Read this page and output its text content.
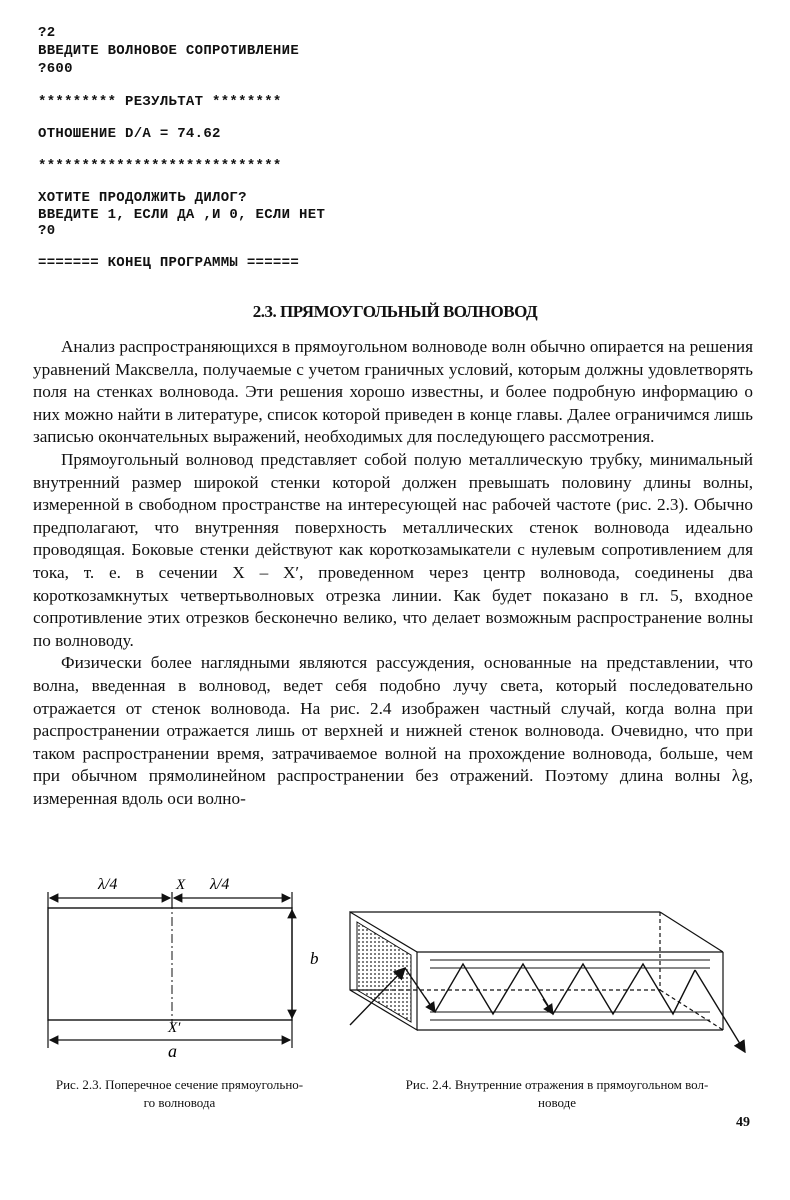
?2
ВВЕДИТЕ ВОЛНОВОЕ СОПРОТИВЛЕНИЕ
?600
********* РЕЗУЛЬТАТ ********
ОТНОШЕНИЕ D/A = 74.62
****************************
ХОТИТЕ ПРОДОЛЖИТЬ ДИЛОГ?
ВВЕДИТЕ 1, ЕСЛИ ДА ,И 0, ЕСЛИ НЕТ
?0
======= КОНЕЦ ПРОГРАММЫ ======
2.3. ПРЯМОУГОЛЬНЫЙ ВОЛНОВОД

Анализ распространяющихся в прямоугольном волноводе волн обычно опирается на решения уравнений Максвелла, получаемые с учетом граничных условий, которым должны удовлетворять поля на стенках волновода. Эти решения хорошо известны, и более подробную информацию о них можно найти в литературе, список которой приведен в конце главы. Далее ограничимся лишь записью окончательных выражений, необходимых для последующего рассмотрения.

Прямоугольный волновод представляет собой полую металлическую трубку, минимальный внутренний размер широкой стенки которой должен превышать половину длины волны, измеренной в свободном пространстве на интересующей нас рабочей частоте (рис. 2.3). Обычно предполагают, что внутренняя поверхность металлических стенок волновода идеально проводящая. Боковые стенки действуют как короткозамыкатели с нулевым сопротивлением для тока, т. е. в сечении X – X′, проведенном через центр волновода, соединены два короткозамкнутых четвертьволновых отрезка линии. Как будет показано в гл. 5, входное сопротивление этих отрезков бесконечно велико, что делает возможным распространение волны по волноводу.

Физически более наглядными являются рассуждения, основанные на представлении, что волна, введенная в волновод, ведет себя подобно лучу света, который последовательно отражается от стенок волновода. На рис. 2.4 изображен частный случай, когда волна при распространении отражается лишь от верхней и нижней стенок волновода. Очевидно, что при таком распространении время, затрачиваемое волной на прохождение волновода, больше, чем при обычном прямолинейном распространении без отражений. Поэтому длина волны λg, измеренная вдоль оси волно-

λ/4	X λ/4
X′
b
a
Рис. 2.3. Поперечное сечение прямоугольно-
го волновода
Рис. 2.4. Внутренние отражения в прямоугольном вол-
новоде
49
